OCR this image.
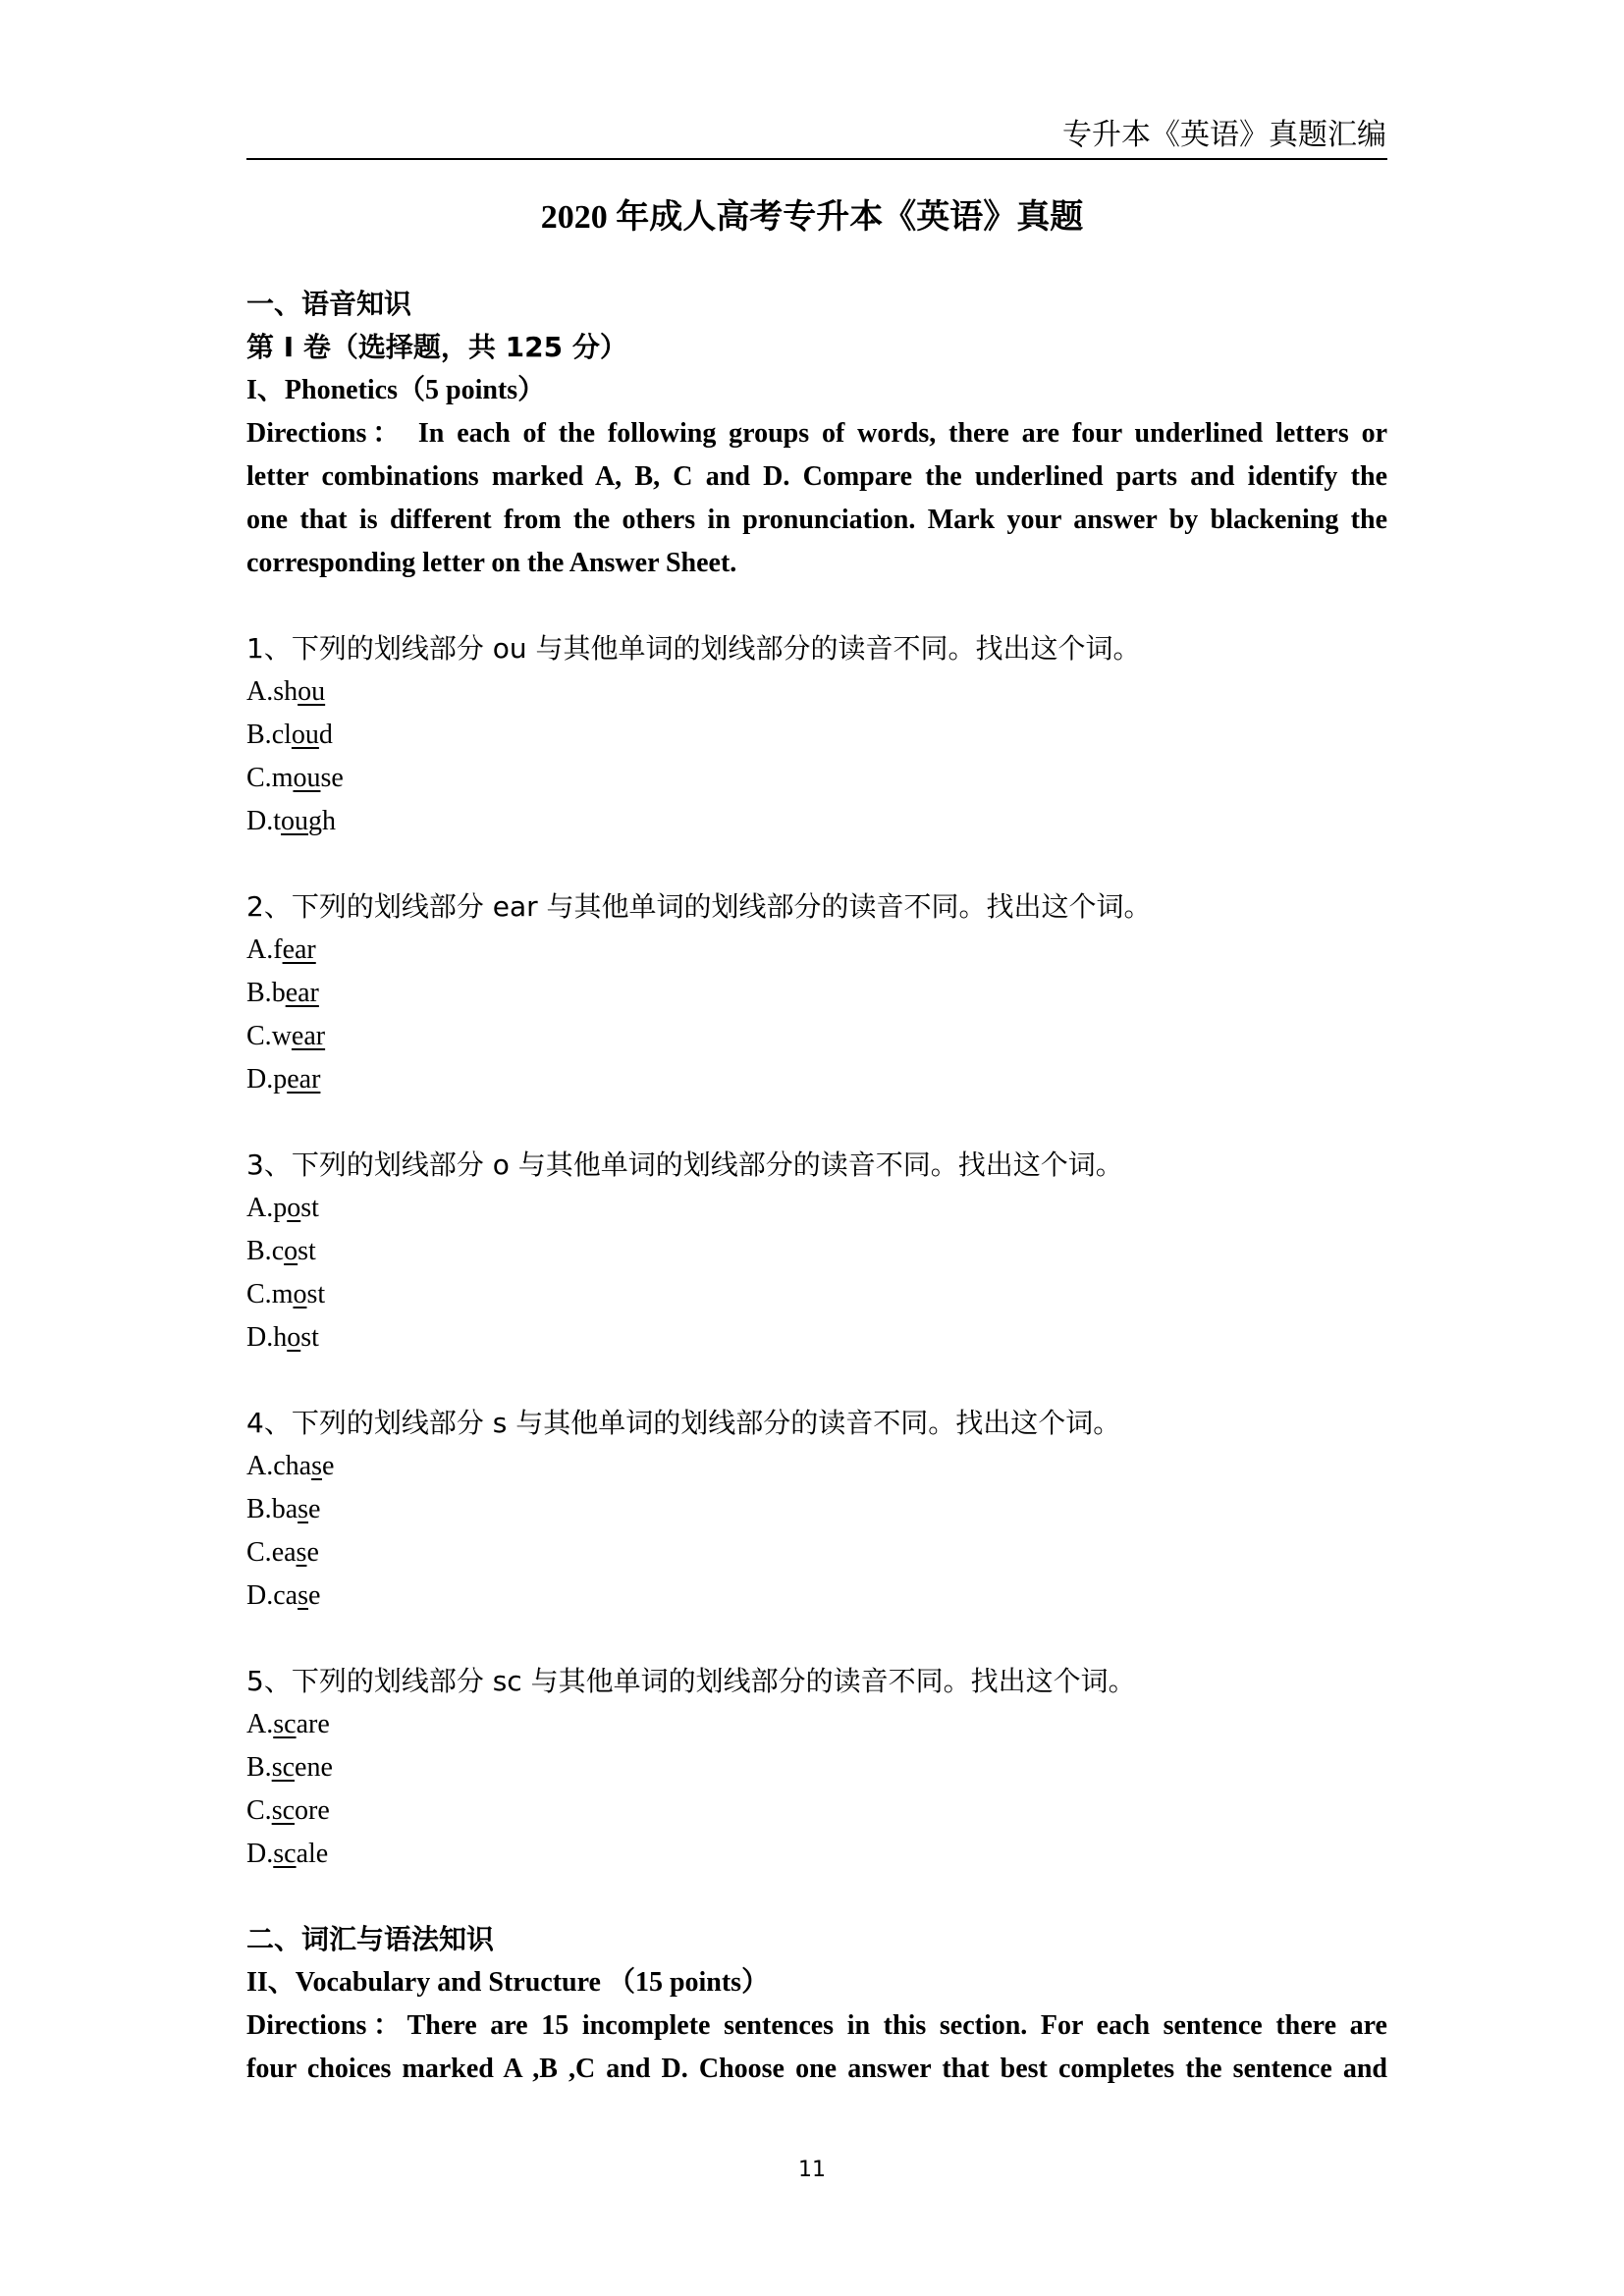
专升本《英语》真题汇编
2020 年成人高考专升本《英语》真题
一、语音知识
第 I 卷（选择题，共 125 分）
I、Phonetics（5 points）
Directions： In each of the following groups of words, there are four underlined letters or
letter combinations marked A, B, C and D. Compare the underlined parts and identify the
one that is different from the others in pronunciation. Mark your answer by blackening the
corresponding letter on the Answer Sheet.
1、下列的划线部分 ou 与其他单词的划线部分的读音不同。找出这个词。
A.shou
B.cloud
C.mouse
D.tough
2、下列的划线部分 ear 与其他单词的划线部分的读音不同。找出这个词。
A.fear
B.bear
C.wear
D.pear
3、下列的划线部分 o 与其他单词的划线部分的读音不同。找出这个词。
A.post
B.cost
C.most
D.host
4、下列的划线部分 s 与其他单词的划线部分的读音不同。找出这个词。
A.chase
B.base
C.ease
D.case
5、下列的划线部分 sc 与其他单词的划线部分的读音不同。找出这个词。
A.scare
B.scene
C.score
D.scale
二、词汇与语法知识
II、Vocabulary and Structure （15 points）
Directions：There are 15 incomplete sentences in this section. For each sentence there are
four choices marked A ,B ,C and D. Choose one answer that best completes the sentence and
11
